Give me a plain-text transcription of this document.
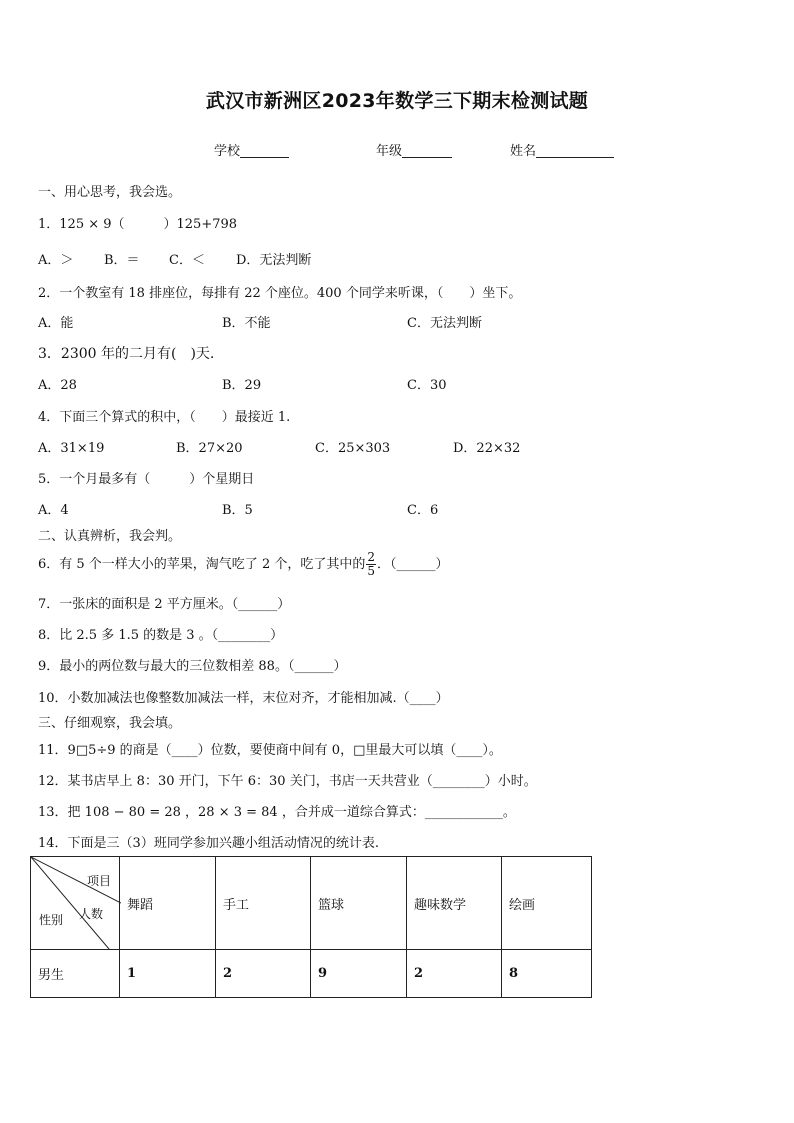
武汉市新洲区2023年数学三下期末检测试题
学校	年级	姓名
一、用心思考，我会选。
1．125 × 9（　　　）125+798
A．＞ B．＝ C．＜ D．无法判断
2．一个教室有 18 排座位，每排有 22 个座位。400 个同学来听课，（　　）坐下。
A．能	B．不能	C．无法判断
3．2300 年的二月有(　)天.
A．28	B．29	C．30
4．下面三个算式的积中，（　　）最接近 1.
A．31×19	B．27×20	C．25×303	D．22×32
5．一个月最多有（　　　）个星期日
A．4	B．5	C．6
二、认真辨析，我会判。
6．有 5 个一样大小的苹果，淘气吃了 2 个，吃了其中的 $\frac{2}{5}$ ．（______）
7．一张床的面积是 2 平方厘米。（______）
8．比 2.5 多 1.5 的数是 3 。（________）
9．最小的两位数与最大的三位数相差 88。（______）
10．小数加减法也像整数加减法一样，末位对齐，才能相加减.（____）
三、仔细观察，我会填。
11．9□5÷9 的商是（____）位数，要使商中间有 0，□里最大可以填（____）。
12．某书店早上 8：30 开门，下午 6：30 关门，书店一天共营业（________）小时。
13．把 108 − 80 = 28 ，28 × 3 = 84 ，合并成一道综合算式：____________。
14．下面是三（3）班同学参加兴趣小组活动情况的统计表.
项目
人数
性别	舞蹈	手工	篮球	趣味数学	绘画
男生	1	2	9	2	8
